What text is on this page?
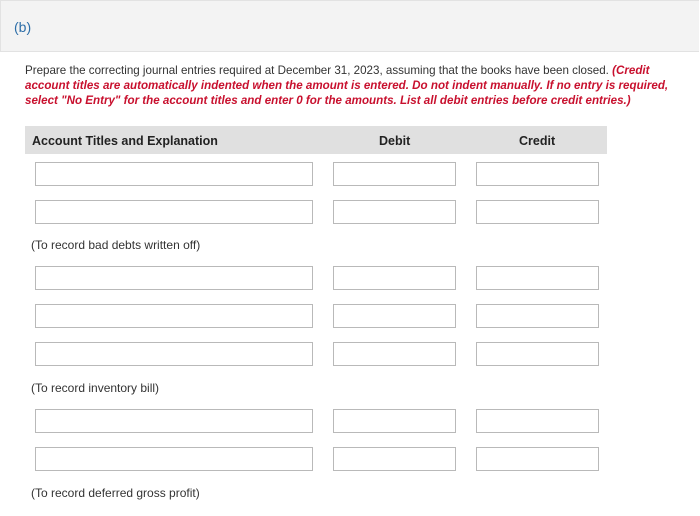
(b)
Prepare the correcting journal entries required at December 31, 2023, assuming that the books have been closed. (Credit account titles are automatically indented when the amount is entered. Do not indent manually. If no entry is required, select "No Entry" for the account titles and enter 0 for the amounts. List all debit entries before credit entries.)
Account Titles and Explanation	Debit	Credit
(To record bad debts written off)
(To record inventory bill)
(To record deferred gross profit)
